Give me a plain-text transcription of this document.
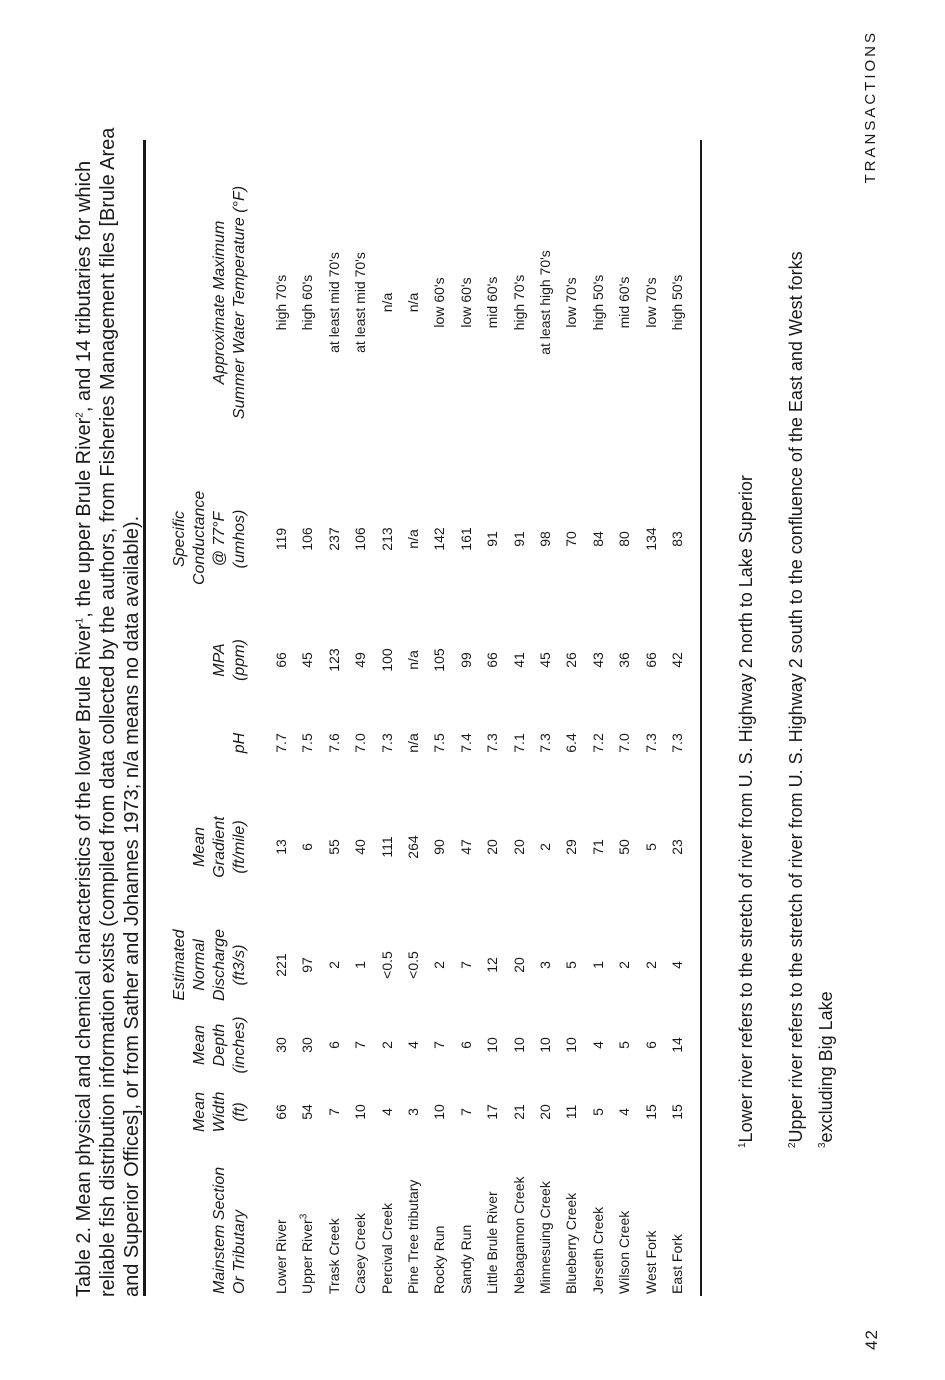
42
TRANSACTIONS
Table 2. Mean physical and chemical characteristics of the lower Brule River$^1$, the upper Brule River$^2$, and 14 tributaries for which reliable fish distribution information exists (compiled from data collected by the authors, from Fisheries Management files [Brule Area and Superior Offices], or from Sather and Johannes 1973; n/a means no data available).	Mainstem Section Or Tributary
Mean Width (ft)
Mean Depth (inches)
Estimated Normal Discharge (ft3/s)
Mean Gradient (ft/mile)
pH
MPA (ppm)
Specific Conductance @ 77°F (umhos)
Approximate Maximum Summer Water Temperature (°F)
Lower River
66
30
221
13
7.7
66
119
high 70's
Upper River$^3$
54
30
97
6
7.5
45
106
high 60's
Trask Creek
7
6
2
55
7.6
123
237
at least mid 70's
Casey Creek
10
7
1
40
7.0
49
106
at least mid 70's
Percival Creek
4
2
<0.5
111
7.3
100
213
n/a
Pine Tree tributary
3
4
<0.5
264
n/a
n/a
n/a
n/a
Rocky Run
10
7
2
90
7.5
105
142
low 60's
Sandy Run
7
6
7
47
7.4
99
161
low 60's
Little Brule River
17
10
12
20
7.3
66
91
mid 60's
Nebagamon Creek
21
10
20
20
7.1
41
91
high 70's
Minnesuing Creek
20
10
3
2
7.3
45
98
at least high 70's
Blueberry Creek
11
10
5
29
6.4
26
70
low 70's
Jerseth Creek
5
4
1
71
7.2
43
84
high 50's
Wilson Creek
4
5
2
50
7.0
36
80
mid 60's
West Fork
15
6
2
5
7.3
66
134
low 70's
East Fork
15
14
4
23
7.3
42
83
high 50's
$^1$Lower river refers to the stretch of river from U. S. Highway 2 north to Lake Superior
$^2$Upper river refers to the stretch of river from U. S. Highway 2 south to the confluence of the East and West forks
$^3$excluding Big Lake
